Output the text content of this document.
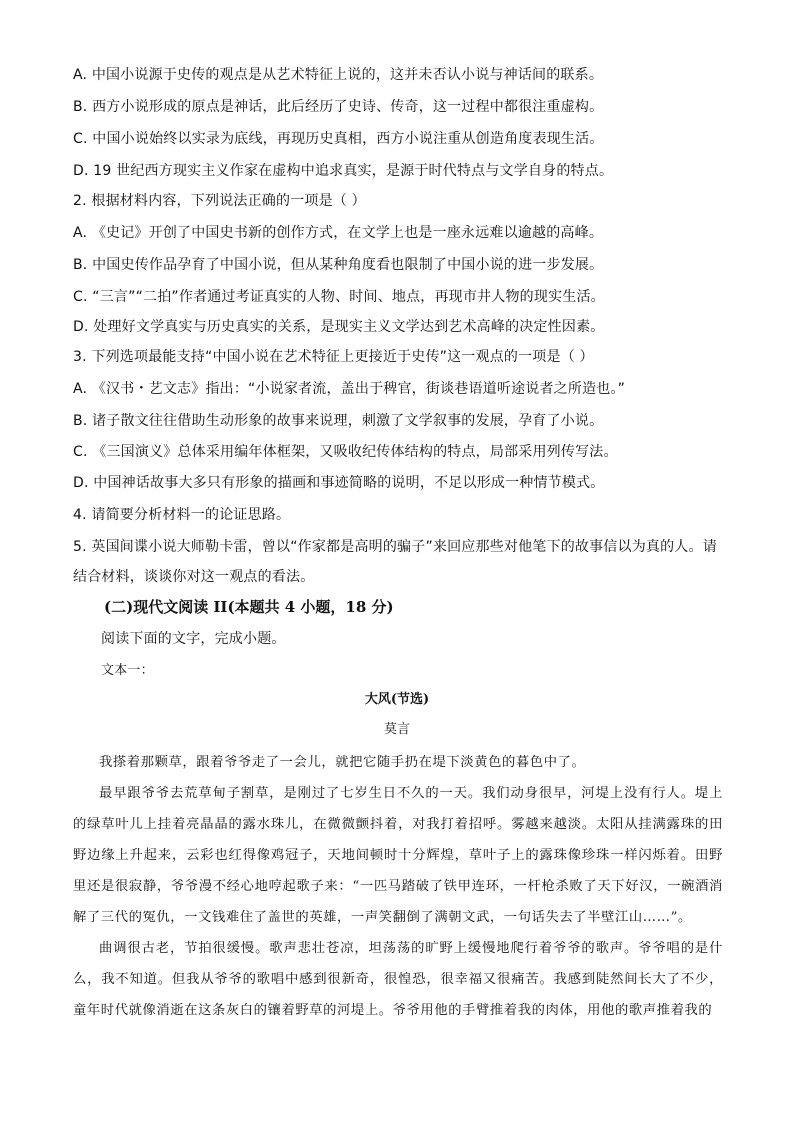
A. 中国小说源于史传的观点是从艺术特征上说的，这并未否认小说与神话间的联系。
B. 西方小说形成的原点是神话，此后经历了史诗、传奇，这一过程中都很注重虚构。
C. 中国小说始终以实录为底线，再现历史真相，西方小说注重从创造角度表现生活。
D. 19 世纪西方现实主义作家在虚构中追求真实，是源于时代特点与文学自身的特点。
2. 根据材料内容，下列说法正确的一项是（ ）
A. 《史记》开创了中国史书新的创作方式，在文学上也是一座永远难以逾越的高峰。
B. 中国史传作品孕育了中国小说，但从某种角度看也限制了中国小说的进一步发展。
C. “三言”“二拍”作者通过考证真实的人物、时间、地点，再现市井人物的现实生活。
D. 处理好文学真实与历史真实的关系，是现实主义文学达到艺术高峰的决定性因素。
3. 下列选项最能支持“中国小说在艺术特征上更接近于史传”这一观点的一项是（ ）
A. 《汉书・艺文志》指出：“小说家者流，盖出于稗官，街谈巷语道听途说者之所造也。”
B. 诸子散文往往借助生动形象的故事来说理，刺激了文学叙事的发展，孕育了小说。
C. 《三国演义》总体采用编年体框架，又吸收纪传体结构的特点，局部采用列传写法。
D. 中国神话故事大多只有形象的描画和事迹简略的说明，不足以形成一种情节模式。
4. 请简要分析材料一的论证思路。
5. 英国间谍小说大师勒卡雷，曾以“作家都是高明的骗子”来回应那些对他笔下的故事信以为真的人。请
结合材料，谈谈你对这一观点的看法。
(二)现代文阅读 II(本题共 4 小题，18 分)
阅读下面的文字，完成小题。
文本一：
大风(节选)
莫言

我搽着那颗草，跟着爷爷走了一会儿，就把它随手扔在堤下淡黄色的暮色中了。

最早跟爷爷去荒草甸子割草，是刚过了七岁生日不久的一天。我们动身很早，河堤上没有行人。堤上的绿草叶儿上挂着亮晶晶的露水珠儿，在微微颤抖着，对我打着招呼。雾越来越淡。太阳从挂满露珠的田野边缘上升起来，云彩也红得像鸡冠子，天地间顿时十分辉煌，草叶子上的露珠像珍珠一样闪烁着。田野里还是很寂静，爷爷漫不经心地哼起歌子来：“一匹马踏破了铁甲连环，一杆枪杀败了天下好汉，一碗酒消解了三代的冤仇，一文钱难住了盖世的英雄，一声笑翻倒了满朝文武，一句话失去了半壁江山……”。

曲调很古老，节拍很缓慢。歌声悲壮苍凉，坦荡荡的旷野上缓慢地爬行着爷爷的歌声。爷爷唱的是什么，我不知道。但我从爷爷的歌唱中感到很新奇，很惶恐，很幸福又很痛苦。我感到陡然间长大了不少，童年时代就像消逝在这条灰白的镶着野草的河堤上。爷爷用他的手臂推着我的肉体，用他的歌声推着我的
